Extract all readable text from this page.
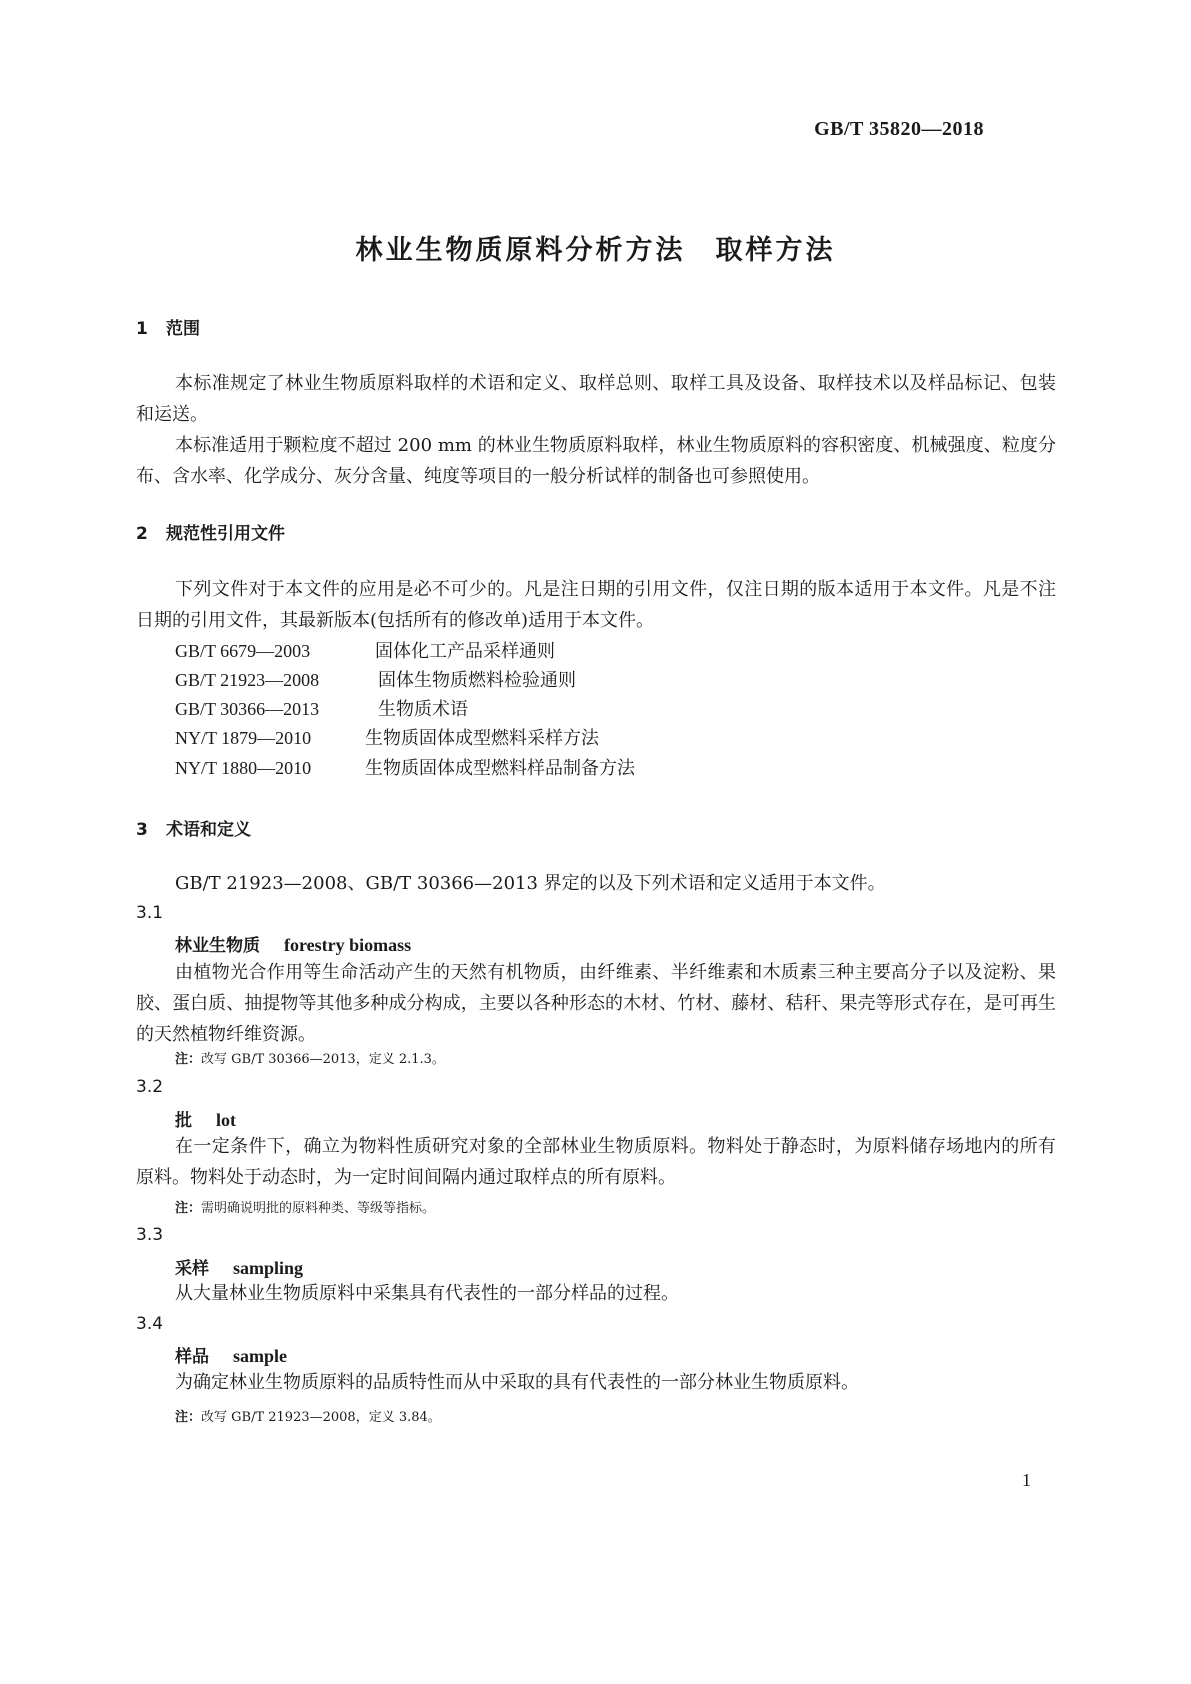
GB/T 35820—2018
林业生物质原料分析方法　取样方法
1 范围

本标准规定了林业生物质原料取样的术语和定义、取样总则、取样工具及设备、取样技术以及样品标记、包装和运送。

本标准适用于颗粒度不超过 200 mm 的林业生物质原料取样，林业生物质原料的容积密度、机械强度、粒度分布、含水率、化学成分、灰分含量、纯度等项目的一般分析试样的制备也可参照使用。

2 规范性引用文件

下列文件对于本文件的应用是必不可少的。凡是注日期的引用文件，仅注日期的版本适用于本文件。凡是不注日期的引用文件，其最新版本(包括所有的修改单)适用于本文件。

GB/T 6679—2003	固体化工产品采样通则
GB/T 21923—2008	固体生物质燃料检验通则
GB/T 30366—2013	生物质术语
NY/T 1879—2010	生物质固体成型燃料采样方法
NY/T 1880—2010	生物质固体成型燃料样品制备方法
3 术语和定义

GB/T 21923—2008、GB/T 30366—2013 界定的以及下列术语和定义适用于本文件。

3.1
林业生物质 forestry biomass

由植物光合作用等生命活动产生的天然有机物质，由纤维素、半纤维素和木质素三种主要高分子以及淀粉、果胶、蛋白质、抽提物等其他多种成分构成，主要以各种形态的木材、竹材、藤材、秸秆、果壳等形式存在，是可再生的天然植物纤维资源。

注：改写 GB/T 30366—2013，定义 2.1.3。
3.2
批 lot

在一定条件下，确立为物料性质研究对象的全部林业生物质原料。物料处于静态时，为原料储存场地内的所有原料。物料处于动态时，为一定时间间隔内通过取样点的所有原料。

注：需明确说明批的原料种类、等级等指标。
3.3
采样 sampling

从大量林业生物质原料中采集具有代表性的一部分样品的过程。

3.4
样品 sample

为确定林业生物质原料的品质特性而从中采取的具有代表性的一部分林业生物质原料。

注：改写 GB/T 21923—2008，定义 3.84。
1
